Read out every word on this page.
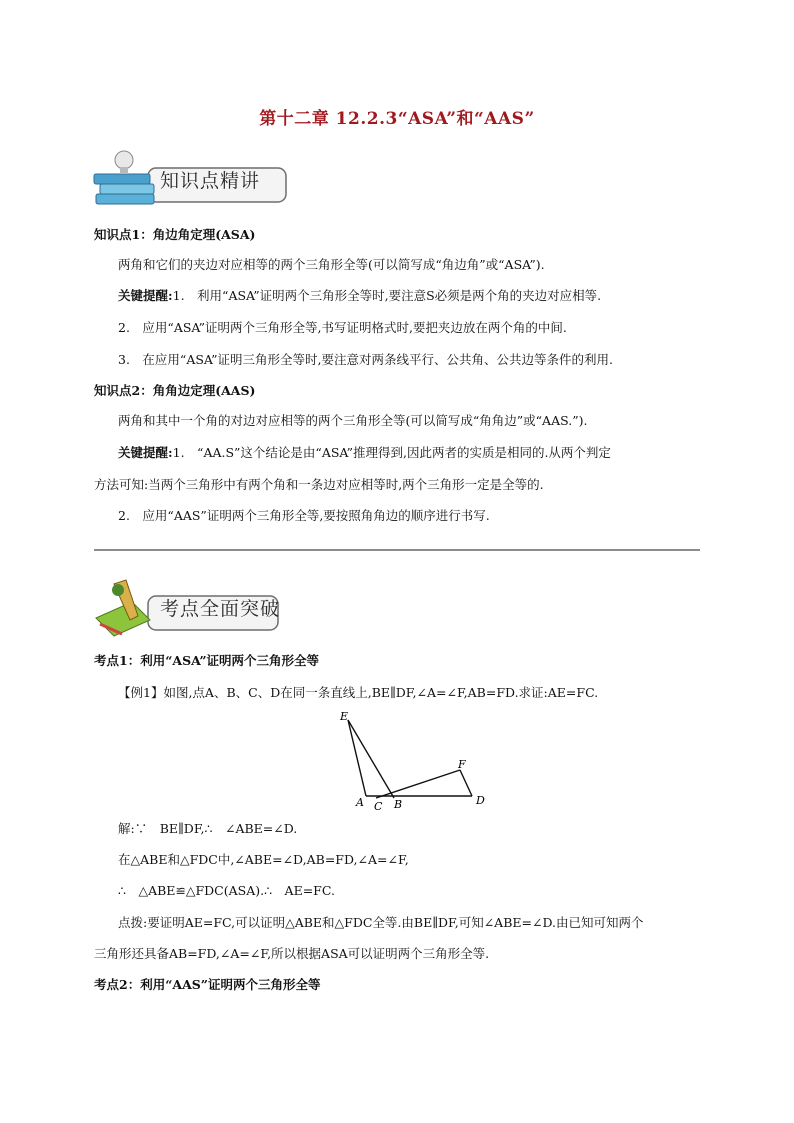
第十二章 12.2.3“ASA”和“AAS”
知识点精讲
知识点1：角边角定理(ASA)
两角和它们的夹边对应相等的两个三角形全等(可以简写成“角边角”或“ASA”).
关键提醒:1.　利用“ASA”证明两个三角形全等时,要注意S必须是两个角的夹边对应相等.
2.　应用“ASA”证明两个三角形全等,书写证明格式时,要把夹边放在两个角的中间.
3.　在应用“ASA”证明三角形全等时,要注意对两条线平行、公共角、公共边等条件的利用.
知识点2：角角边定理(AAS)
两角和其中一个角的对边对应相等的两个三角形全等(可以简写成“角角边”或“AAS.”).
关键提醒:1.　“AA.S”这个结论是由“ASA”推理得到,因此两者的实质是相同的.从两个判定
方法可知:当两个三角形中有两个角和一条边对应相等时,两个三角形一定是全等的.
2.　应用“AAS”证明两个三角形全等,要按照角角边的顺序进行书写.
考点全面突破
考点1：利用“ASA”证明两个三角形全等
【例1】如图,点A、B、C、D在同一条直线上,BE∥DF,∠A=∠F,AB=FD.求证:AE=FC.
E
F
A C B	D
解:∵　BE∥DF,∴　∠ABE=∠D.
在△ABE和△FDC中,∠ABE=∠D,AB=FD,∠A=∠F,
∴　△ABE≌△FDC(ASA).∴　AE=FC.
点拨:要证明AE=FC,可以证明△ABE和△FDC全等.由BE∥DF,可知∠ABE=∠D.由已知可知两个
三角形还具备AB=FD,∠A=∠F,所以根据ASA可以证明两个三角形全等.
考点2：利用“AAS”证明两个三角形全等
